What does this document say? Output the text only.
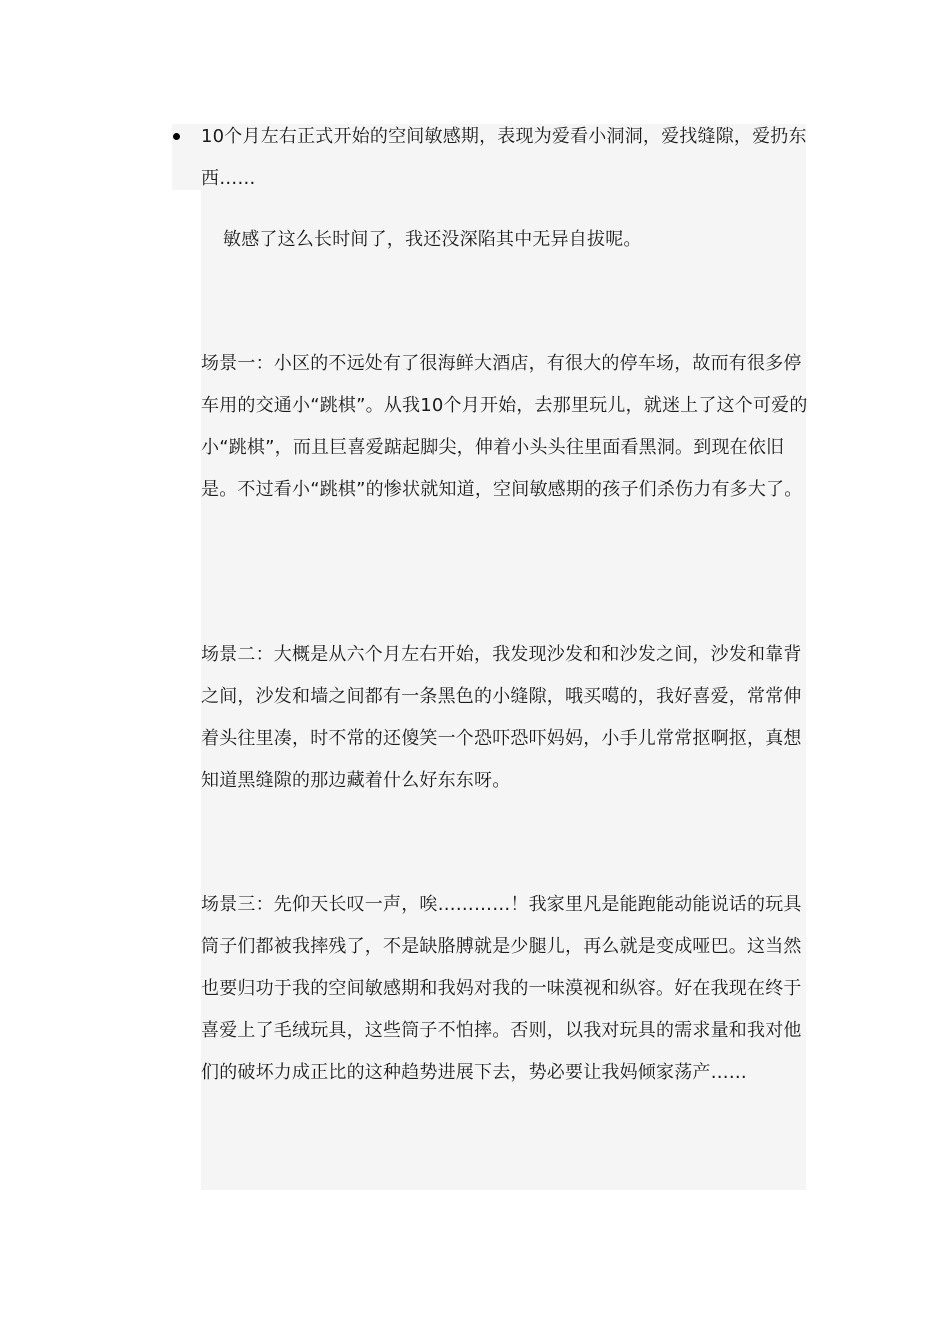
10个月左右正式开始的空间敏感期，表现为爱看小洞洞，爱找缝隙，爱扔东西……

敏感了这么长时间了，我还没深陷其中无异自拔呢。

场景一：小区的不远处有了很海鲜大酒店，有很大的停车场，故而有很多停车用的交通小“跳棋”。从我10个月开始，去那里玩儿，就迷上了这个可爱的小“跳棋”，而且巨喜爱踮起脚尖，伸着小头头往里面看黑洞。到现在依旧是。不过看小“跳棋”的惨状就知道，空间敏感期的孩子们杀伤力有多大了。

场景二：大概是从六个月左右开始，我发现沙发和和沙发之间，沙发和靠背之间，沙发和墙之间都有一条黑色的小缝隙，哦买噶的，我好喜爱，常常伸着头往里凑，时不常的还傻笑一个恐吓恐吓妈妈，小手儿常常抠啊抠，真想知道黑缝隙的那边藏着什么好东东呀。

场景三：先仰天长叹一声，唉…………！我家里凡是能跑能动能说话的玩具筒子们都被我摔残了，不是缺胳膊就是少腿儿，再么就是变成哑巴。这当然也要归功于我的空间敏感期和我妈对我的一味漠视和纵容。好在我现在终于喜爱上了毛绒玩具，这些筒子不怕摔。否则，以我对玩具的需求量和我对他们的破坏力成正比的这种趋势进展下去，势必要让我妈倾家荡产……
